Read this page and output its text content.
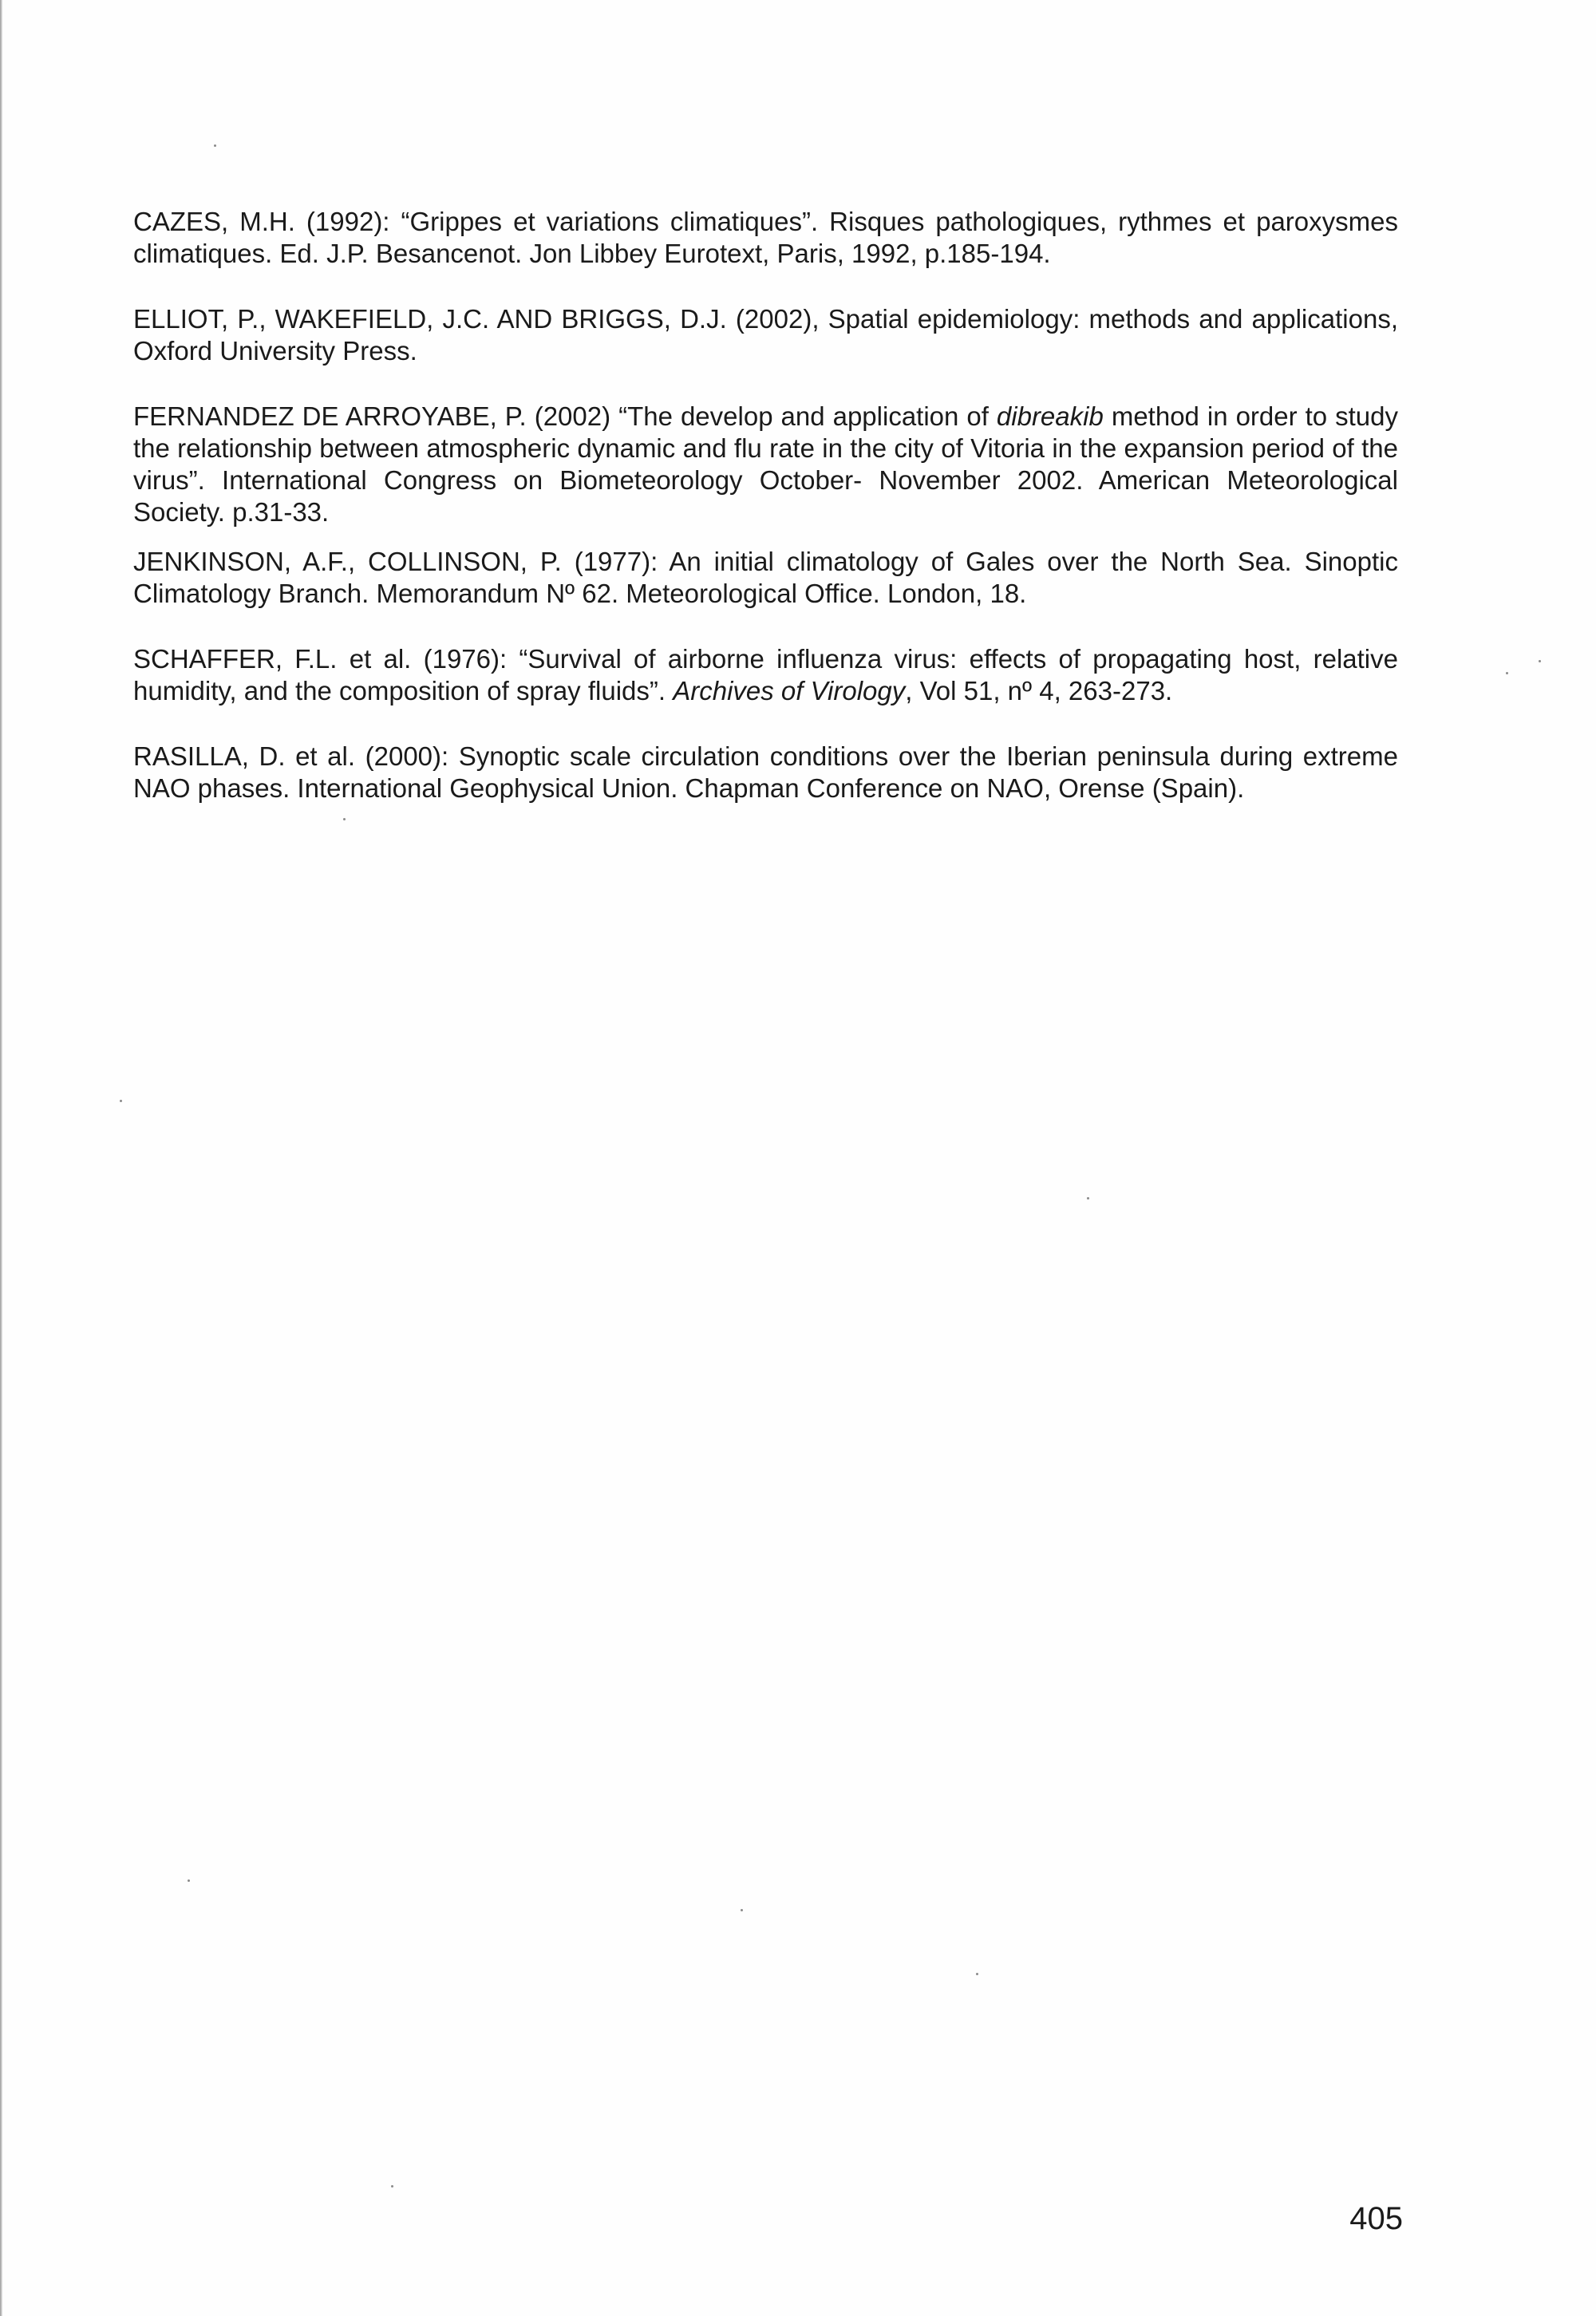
CAZES, M.H. (1992): “Grippes et variations climatiques”. Risques pathologiques, rythmes et paroxysmes climatiques. Ed. J.P. Besancenot. Jon Libbey Eurotext, Paris, 1992, p.185-194.

ELLIOT, P., WAKEFIELD, J.C. AND BRIGGS, D.J. (2002), Spatial epidemiology: methods and applications, Oxford University Press.

FERNANDEZ DE ARROYABE, P. (2002) “The develop and application of dibreakib method in order to study the relationship between atmospheric dynamic and flu rate in the city of Vitoria in the expansion period of the virus”. International Congress on Biometeorology October- November 2002. American Meteorological Society. p.31-33.

JENKINSON, A.F., COLLINSON, P. (1977): An initial climatology of Gales over the North Sea. Sinoptic Climatology Branch. Memorandum Nº 62. Meteorological Office. London, 18.

SCHAFFER, F.L. et al. (1976): “Survival of airborne influenza virus: effects of propagating host, relative humidity, and the composition of spray fluids”. Archives of Virology, Vol 51, nº 4, 263-273.

RASILLA, D. et al. (2000): Synoptic scale circulation conditions over the Iberian peninsula during extreme NAO phases. International Geophysical Union. Chapman Conference on NAO, Orense (Spain).

405
